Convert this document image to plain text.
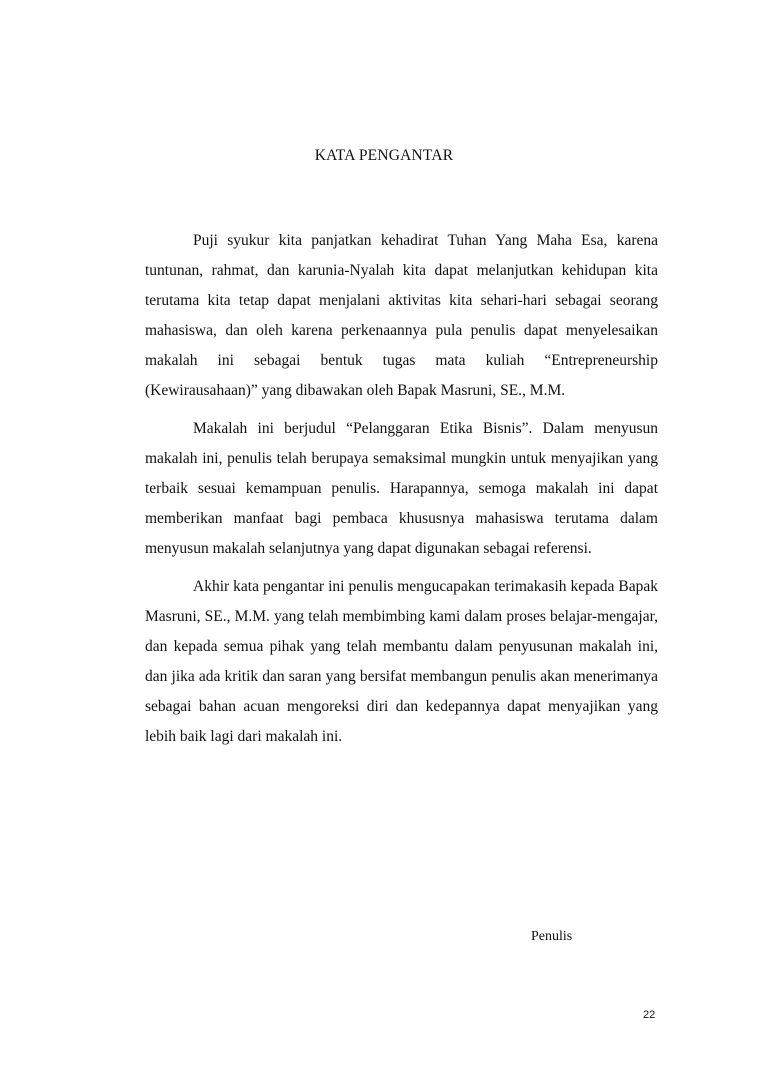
KATA PENGANTAR

Puji syukur kita panjatkan kehadirat Tuhan Yang Maha Esa, karena tuntunan, rahmat, dan karunia-Nyalah kita dapat melanjutkan kehidupan kita terutama kita tetap dapat menjalani aktivitas kita sehari-hari sebagai seorang mahasiswa, dan oleh karena perkenaannya pula penulis dapat menyelesaikan makalah ini sebagai bentuk tugas mata kuliah “Entrepreneurship (Kewirausahaan)” yang dibawakan oleh Bapak Masruni, SE., M.M.

Makalah ini berjudul “Pelanggaran Etika Bisnis”. Dalam menyusun makalah ini, penulis telah berupaya semaksimal mungkin untuk menyajikan yang terbaik sesuai kemampuan penulis. Harapannya, semoga makalah ini dapat memberikan manfaat bagi pembaca khususnya mahasiswa terutama dalam menyusun makalah selanjutnya yang dapat digunakan sebagai referensi.

Akhir kata pengantar ini penulis mengucapakan terimakasih kepada Bapak Masruni, SE., M.M. yang telah membimbing kami dalam proses belajar-mengajar, dan kepada semua pihak yang telah membantu dalam penyusunan makalah ini, dan jika ada kritik dan saran yang bersifat membangun penulis akan menerimanya sebagai bahan acuan mengoreksi diri dan kedepannya dapat menyajikan yang lebih baik lagi dari makalah ini.

Penulis
22
